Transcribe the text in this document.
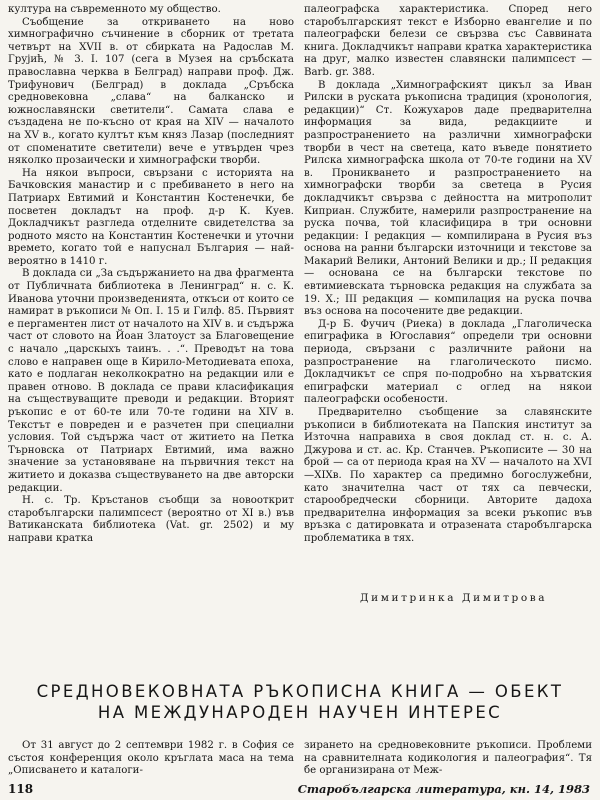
култура на съвременното му общество.

Съобщение за откриването на ново химнографично съчинение в сборник от третата четвърт на XVII в. от сбирката на Радослав М. Грујић, № 3. I. 107 (сега в Музея на сръбската православна черква в Белград) направи проф. Дж. Трифунович (Белград) в доклада „Сръбска средновековна „слава“ на балканско и южнославянски светители“. Самата слава е създадена не по-късно от края на XIV — началото на XV в., когато култът към княз Лазар (последният от споменатите светители) вече е утвърден чрез няколко прозаически и химнографски творби.

На някои въпроси, свързани с историята на Бачковския манастир и с пребиването в него на Патриарх Евтимий и Константин Костенечки, бе посветен докладът на проф. д-р К. Куев. Докладчикът разгледа отделните свидетелства за родното място на Константин Костенечки и уточни времето, когато той е напуснал България — най-вероятно в 1410 г.

В доклада си „За съдържанието на два фрагмента от Публичната библиотека в Ленинград“ н. с. К. Иванова уточни произведенията, откъси от които се намират в ръкописи № Оп. I. 15 и Гилф. 85. Първият е пергаментен лист от началото на XIV в. и съдържа част от словото на Йоан Златоуст за Благовещение с начало „царскыхъ таинъ. . .“. Преводът на това слово е направен още в Кирило-Методиевата епоха, като е подлаган неколкократно на редакции или е правен отново. В доклада се прави класификация на съществуващите преводи и редакции. Вторият ръкопис е от 60-те или 70-те години на XIV в. Текстът е повреден и е разчетен при специални условия. Той съдържа част от житието на Петка Търновска от Патриарх Евтимий, има важно значение за установяване на първичния текст на житието и доказва съществуването на две авторски редакции.

Н. с. Тр. Кръстанов съобщи за новооткрит старобългарски палимпсест (вероятно от XI в.) във Ватиканската библиотека (Vat. gr. 2502) и му направи кратка

палеографска характеристика. Според него старобългарският текст е Изборно евангелие и по палеографски белези се свързва със Саввината книга. Докладчикът направи кратка характеристика на друг, малко известен славянски палимпсест — Barb. gr. 388.

В доклада „Химнографският цикъл за Иван Рилски в руската ръкописна традиция (хронология, редакции)“ Ст. Кожухаров даде предварителна информация за вида, редакциите и разпространението на различни химнографски творби в чест на светеца, като въведе понятието Рилска химнографска школа от 70-те години на XV в. Проникването и разпространението на химнографски творби за светеца в Русия докладчикът свързва с дейността на митрополит Киприан. Службите, намерили разпространение на руска почва, той класифицира в три основни редакции: I редакция — компилирана в Русия въз основа на ранни български източници и текстове за Макарий Велики, Антоний Велики и др.; II редакция — основана се на български текстове по евтимиевската търновска редакция на службата за 19. X.; III редакция — компилация на руска почва въз основа на посочените две редакции.

Д-р Б. Фучич (Риека) в доклада „Глаголическа епиграфика в Югославия“ определи три основни периода, свързани с различните райони на разпространение на глаголическото писмо. Докладчикът се спря по-подробно на хърватския епиграфски материал с оглед на някои палеографски особености.

Предварително съобщение за славянските ръкописи в библиотеката на Папския институт за Източна направиха в своя доклад ст. н. с. А. Джурова и ст. ас. Кр. Станчев. Ръкописите — 30 на брой — са от периода края на XV — началото на XVI—XIXв. По характер са предимно богослужебни, като значителна част от тях са певчески, старообредчески сборници. Авторите дадоха предварителна информация за всеки ръкопис във връзка с датировката и отразената старобългарска проблематика в тях.

Димитринка Димитрова
СРЕДНОВЕКОВНАТА РЪКОПИСНА КНИГА — ОБЕКТ
НА МЕЖДУНАРОДЕН НАУЧЕН ИНТЕРЕС

От 31 август до 2 септември 1982 г. в София се състоя конференция около кръглата маса на тема „Описването и каталоги-

зирането на средновековните ръкописи. Проблеми на сравнителната кодикология и палеография“. Тя бе организирана от Меж-

118	Старобългарска литература, кн. 14, 1983
